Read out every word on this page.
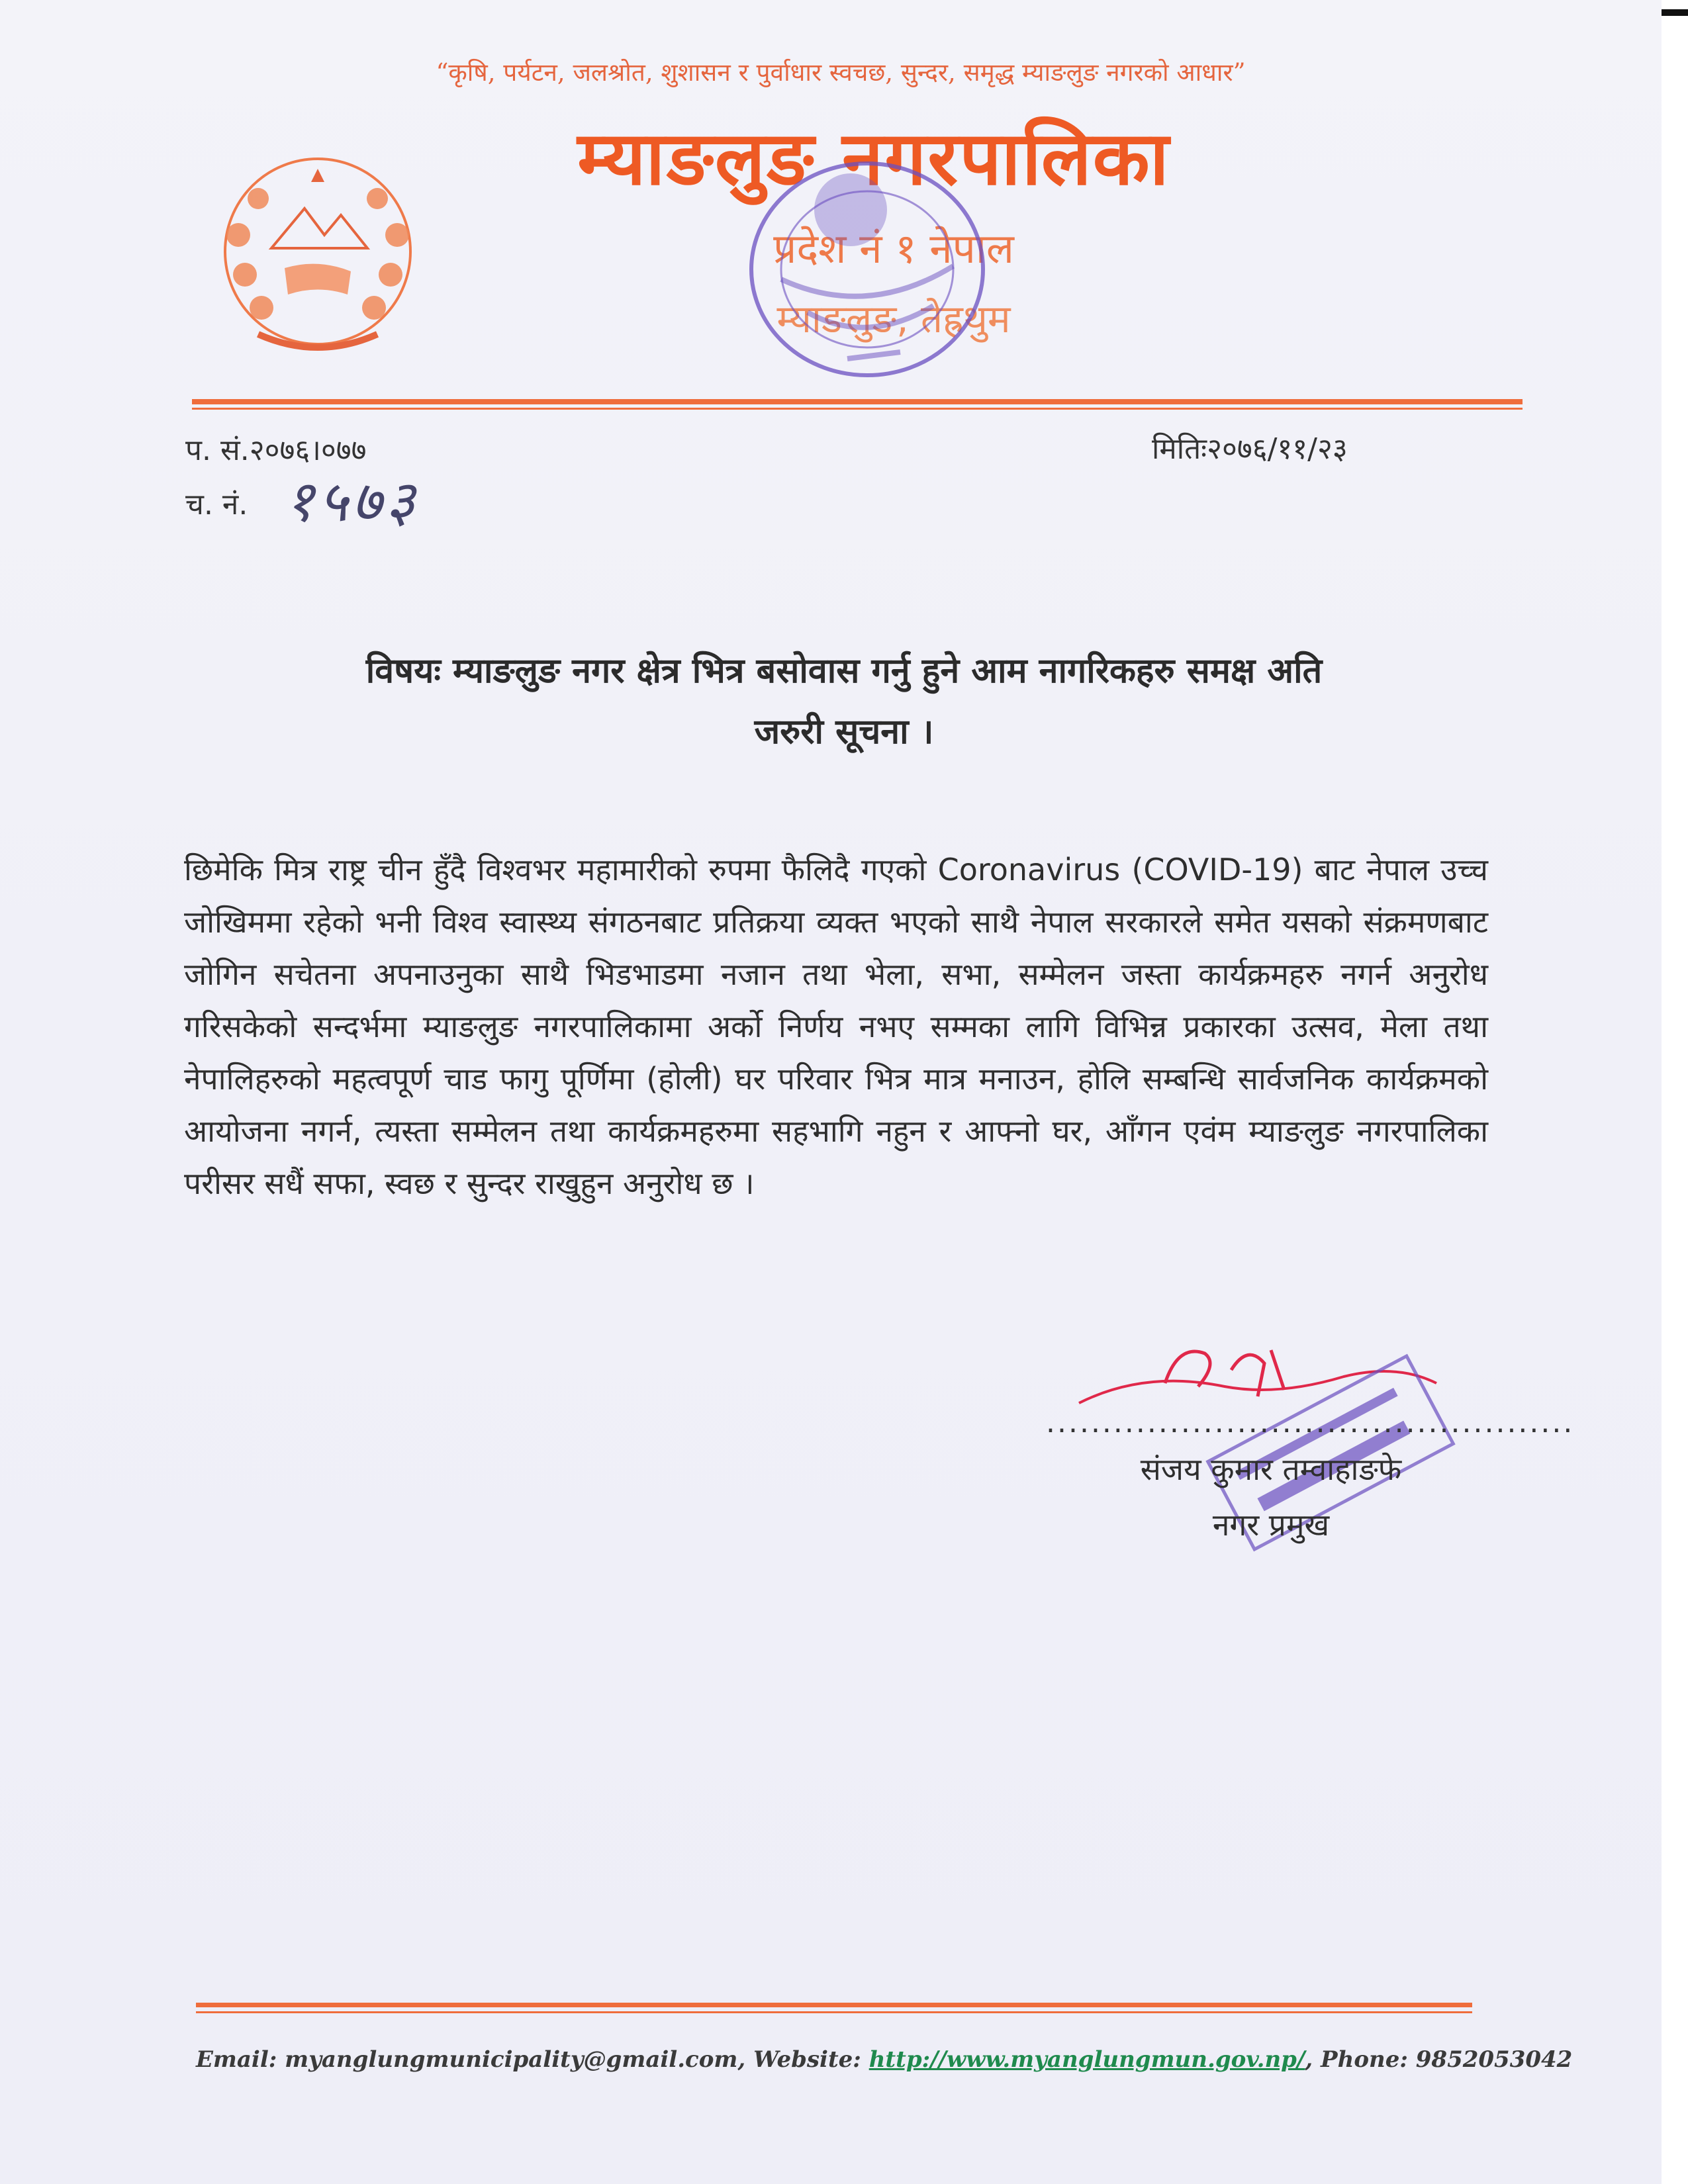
“कृषि, पर्यटन, जलश्रोत, शुशासन र पुर्वाधार स्वचछ, सुन्दर, समृद्ध म्याङलुङ नगरको आधार”
म्याङलुङ नगरपालिका
प्रदेश नं १ नेपाल
म्याङलुङ, तेह्रथुम
प. सं.२०७६।०७७	मितिः२०७६/११/२३
च. नं. १५७३
विषयः म्याङलुङ नगर क्षेत्र भित्र बसोवास गर्नु हुने आम नागरिकहरु समक्ष अति
जरुरी सूचना ।
छिमेकि मित्र राष्ट्र चीन हुँदै विश्वभर महामारीको रुपमा फैलिदै गएको Coronavirus (COVID-19) बाट नेपाल उच्च जोखिममा रहेको भनी विश्व स्वास्थ्य संगठनबाट प्रतिक्रया व्यक्त भएको साथै नेपाल सरकारले समेत यसको संक्रमणबाट जोगिन सचेतना अपनाउनुका साथै भिडभाडमा नजान तथा भेला, सभा, सम्मेलन जस्ता कार्यक्रमहरु नगर्न अनुरोध गरिसकेको सन्दर्भमा म्याङलुङ नगरपालिकामा अर्को निर्णय नभए सम्मका लागि विभिन्न प्रकारका उत्सव, मेला तथा नेपालिहरुको महत्वपूर्ण चाड फागु पूर्णिमा (होली) घर परिवार भित्र मात्र मनाउन, होलि सम्बन्धि सार्वजनिक कार्यक्रमको आयोजना नगर्न, त्यस्ता सम्मेलन तथा कार्यक्रमहरुमा सहभागि नहुन र आफ्नो घर, आँगन एवंम म्याङलुङ नगरपालिका परीसर सधैं सफा, स्वछ र सुन्दर राखुहुन अनुरोध छ ।
...............................................
संजय कुमार तम्वाहाङफे
नगर प्रमुख
Email: myanglungmunicipality@gmail.com, Website: http://www.myanglungmun.gov.np/, Phone: 9852053042
